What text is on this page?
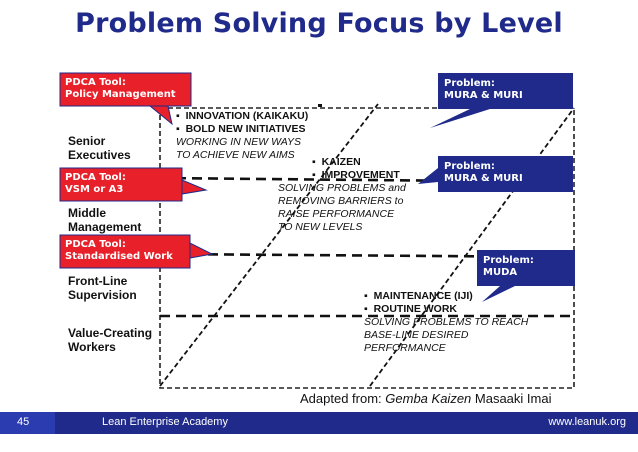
Problem Solving Focus by Level
PDCA Tool:
Policy Management
PDCA Tool:
VSM or A3
PDCA Tool:
Standardised Work
Problem:
MURA & MURI
Problem:
MURA & MURI
Problem:
MUDA
Senior
Executives
Middle
Management
Front-Line
Supervision
Value-Creating
Workers
▪ INNOVATION (KAIKAKU)
▪ BOLD NEW INITIATIVES
WORKING IN NEW WAYS
TO ACHIEVE NEW AIMS
▪ KAIZEN
▪ IMPROVEMENT
SOLVING PROBLEMS and
REMOVING BARRIERS to
RAISE PERFORMANCE
TO NEW LEVELS
▪ MAINTENANCE (IJI)
▪ ROUTINE WORK
SOLVING PROBLEMS TO REACH
BASE-LINE DESIRED
PERFORMANCE
Adapted from: Gemba Kaizen Masaaki Imai
45	Lean Enterprise Academy	www.leanuk.org
